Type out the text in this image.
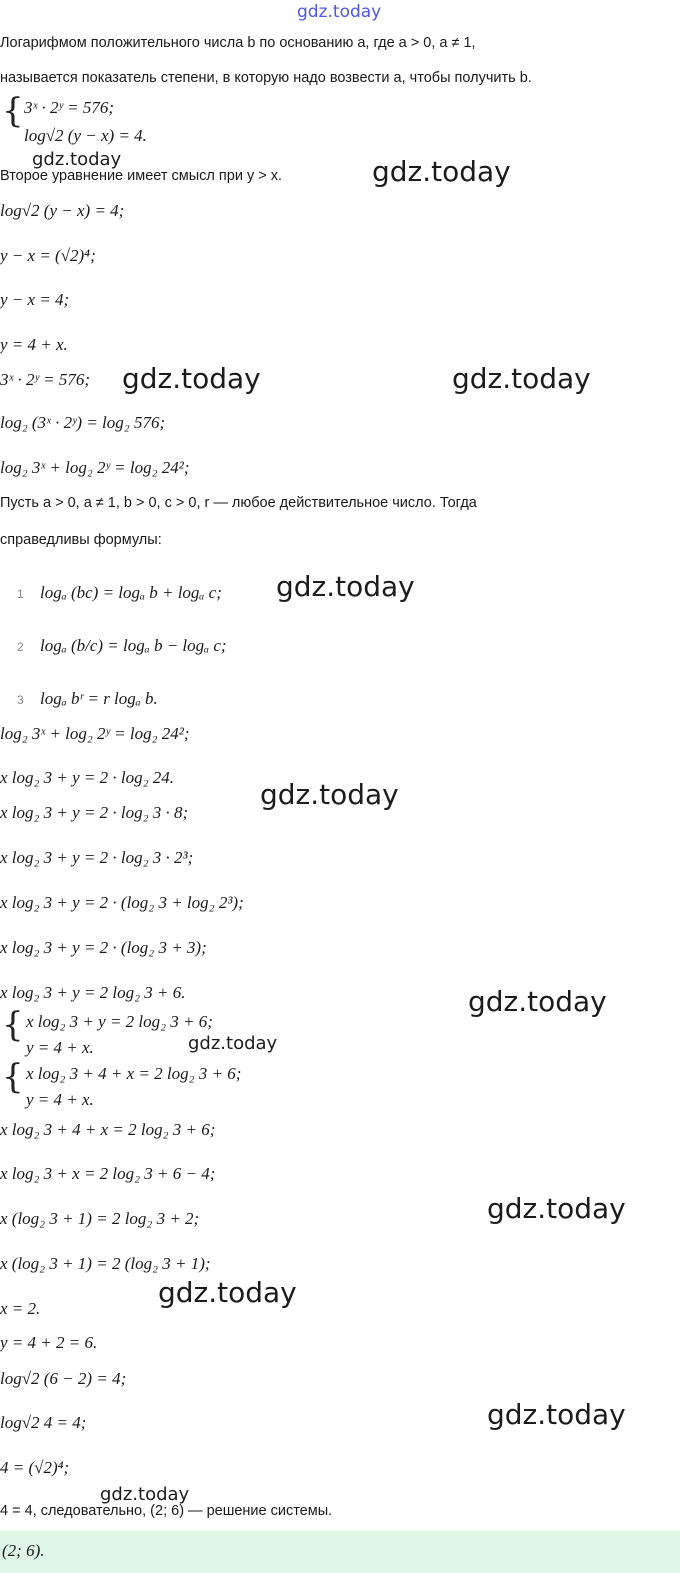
gdz.today
Логарифмом положительного числа b по основанию a, где a > 0, a ≠ 1,
называется показатель степени, в которую надо возвести a, чтобы получить b.
{ 3ˣ · 2ʸ = 576;
log√2 (y − x) = 4.
gdz.today
Второе уравнение имеет смысл при y > x.	gdz.today
log√2 (y − x) = 4;
y − x = (√2)⁴;
y − x = 4;
y = 4 + x.
3ˣ · 2ʸ = 576; gdz.today	gdz.today
log₂ (3ˣ · 2ʸ) = log₂ 576;
log₂ 3ˣ + log₂ 2ʸ = log₂ 24²;
Пусть a > 0, a ≠ 1, b > 0, c > 0, r — любое действительное число. Тогда
справедливы формулы:
1 logₐ (bc) = logₐ b + logₐ c; gdz.today
2 logₐ (b/c) = logₐ b − logₐ c;
3 logₐ bʳ = r logₐ b.
log₂ 3ˣ + log₂ 2ʸ = log₂ 24²;
x log₂ 3 + y = 2 · log₂ 24.
gdz.today
x log₂ 3 + y = 2 · log₂ 3 · 8;
x log₂ 3 + y = 2 · log₂ 3 · 2³;
x log₂ 3 + y = 2 · (log₂ 3 + log₂ 2³);
x log₂ 3 + y = 2 · (log₂ 3 + 3);
x log₂ 3 + y = 2 log₂ 3 + 6.	gdz.today
{ x log₂ 3 + y = 2 log₂ 3 + 6;
y = 4 + x.	gdz.today
{ x log₂ 3 + 4 + x = 2 log₂ 3 + 6;
y = 4 + x.
x log₂ 3 + 4 + x = 2 log₂ 3 + 6;
x log₂ 3 + x = 2 log₂ 3 + 6 − 4;
x (log₂ 3 + 1) = 2 log₂ 3 + 2;	gdz.today
x (log₂ 3 + 1) = 2 (log₂ 3 + 1);
gdz.today
x = 2.
y = 4 + 2 = 6.
log√2 (6 − 2) = 4;
log√2 4 = 4;	gdz.today
4 = (√2)⁴;
gdz.today
4 = 4, следовательно, (2; 6) — решение системы.
(2; 6).
